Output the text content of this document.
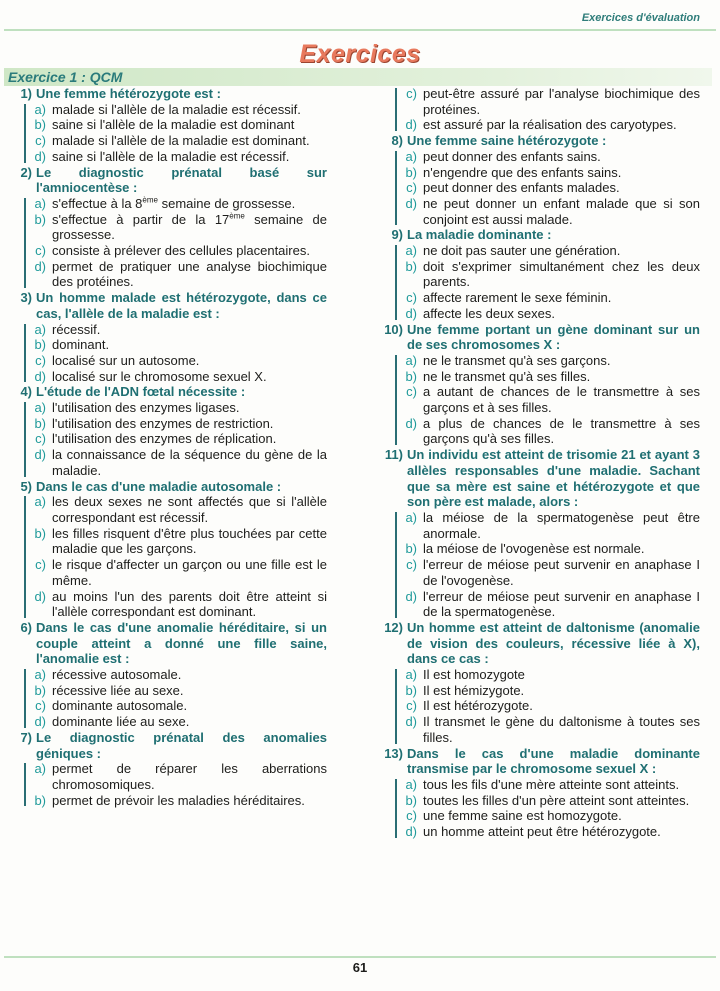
Exercices d'évaluation
Exercices
Exercice 1 : QCM
1) Une femme hétérozygote est :
a) malade si l'allèle de la maladie est récessif.
b) saine si l'allèle de la maladie est dominant
c) malade si l'allèle de la maladie est dominant.
d) saine si l'allèle de la maladie est récessif.
2) Le diagnostic prénatal basé sur l'amniocentèse :
a) s'effectue à la 8ème semaine de grossesse.
b) s'effectue à partir de la 17ème semaine de grossesse.
c) consiste à prélever des cellules placentaires.
d) permet de pratiquer une analyse biochimique des protéines.
3) Un homme malade est hétérozygote, dans ce cas, l'allèle de la maladie est :
a) récessif.
b) dominant.
c) localisé sur un autosome.
d) localisé sur le chromosome sexuel X.
4) L'étude de l'ADN fœtal nécessite :
a) l'utilisation des enzymes ligases.
b) l'utilisation des enzymes de restriction.
c) l'utilisation des enzymes de réplication.
d) la connaissance de la séquence du gène de la maladie.
5) Dans le cas d'une maladie autosomale :
a) les deux sexes ne sont affectés que si l'allèle correspondant est récessif.
b) les filles risquent d'être plus touchées par cette maladie que les garçons.
c) le risque d'affecter un garçon ou une fille est le même.
d) au moins l'un des parents doit être atteint si l'allèle correspondant est dominant.
6) Dans le cas d'une anomalie héréditaire, si un couple atteint a donné une fille saine, l'anomalie est :
a) récessive autosomale.
b) récessive liée au sexe.
c) dominante autosomale.
d) dominante liée au sexe.
7) Le diagnostic prénatal des anomalies géniques :
a) permet de réparer les aberrations chromosomiques.
b) permet de prévoir les maladies héréditaires.
c) peut-être assuré par l'analyse biochimique des protéines.
d) est assuré par la réalisation des caryotypes.
8) Une femme saine hétérozygote :
a) peut donner des enfants sains.
b) n'engendre que des enfants sains.
c) peut donner des enfants malades.
d) ne peut donner un enfant malade que si son conjoint est aussi malade.
9) La maladie dominante :
a) ne doit pas sauter une génération.
b) doit s'exprimer simultanément chez les deux parents.
c) affecte rarement le sexe féminin.
d) affecte les deux sexes.
10) Une femme portant un gène dominant sur un de ses chromosomes X :
a) ne le transmet qu'à ses garçons.
b) ne le transmet qu'à ses filles.
c) a autant de chances de le transmettre à ses garçons et à ses filles.
d) a plus de chances de le transmettre à ses garçons qu'à ses filles.
11) Un individu est atteint de trisomie 21 et ayant 3 allèles responsables d'une maladie. Sachant que sa mère est saine et hétérozygote et que son père est malade, alors :
a) la méiose de la spermatogenèse peut être anormale.
b) la méiose de l'ovogenèse est normale.
c) l'erreur de méiose peut survenir en anaphase I de l'ovogenèse.
d) l'erreur de méiose peut survenir en anaphase I de la spermatogenèse.
12) Un homme est atteint de daltonisme (anomalie de vision des couleurs, récessive liée à X), dans ce cas :
a) Il est homozygote
b) Il est hémizygote.
c) Il est hétérozygote.
d) Il transmet le gène du daltonisme à toutes ses filles.
13) Dans le cas d'une maladie dominante transmise par le chromosome sexuel X :
a) tous les fils d'une mère atteinte sont atteints.
b) toutes les filles d'un père atteint sont atteintes.
c) une femme saine est homozygote.
d) un homme atteint peut être hétérozygote.
61
